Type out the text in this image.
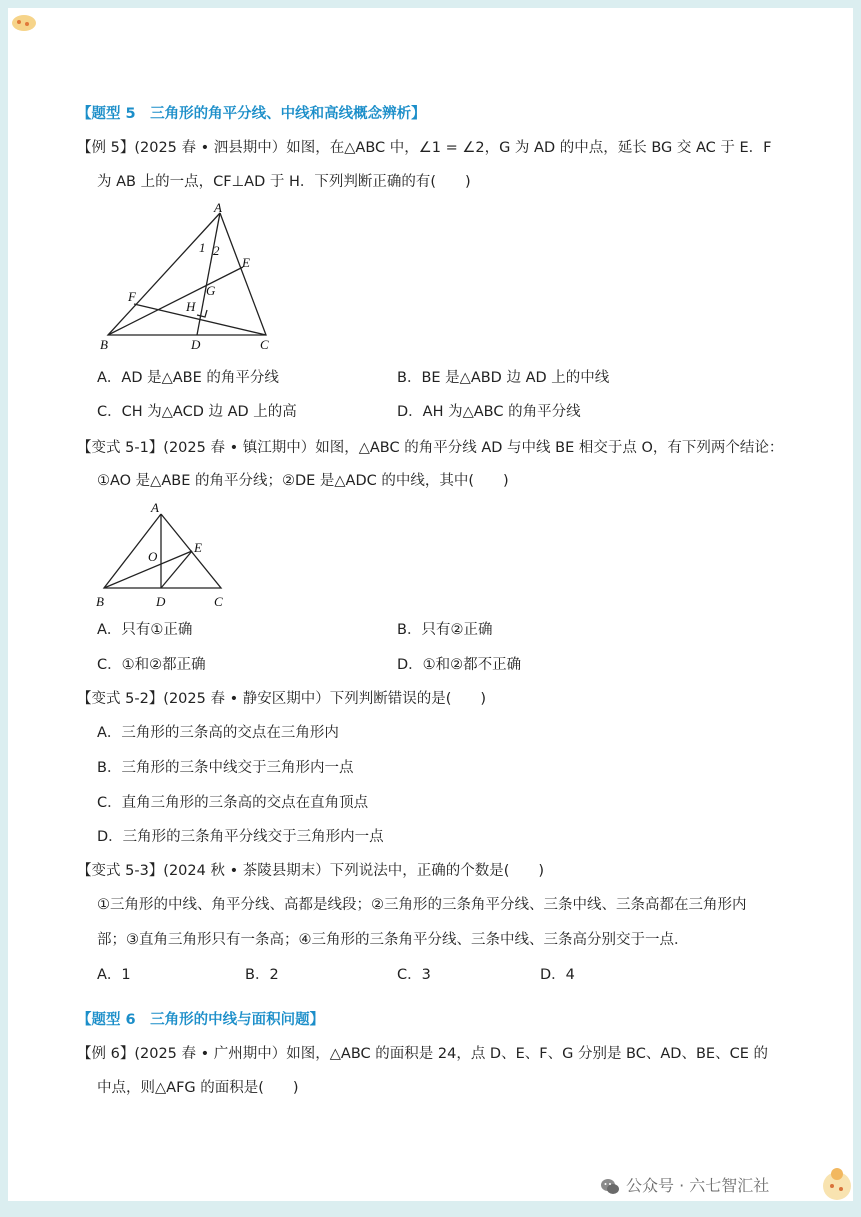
【题型 5　三角形的角平分线、中线和高线概念辨析】
【例 5】(2025 春 • 泗县期中）如图，在△ABC 中，∠1 = ∠2，G 为 AD 的中点，延长 BG 交 AC 于 E．F
为 AB 上的一点，CF⊥AD 于 H．下列判断正确的有(　　)
A
B	C
D
E
F	G
H
1 2
A．AD 是△ABE 的角平分线	B．BE 是△ABD 边 AD 上的中线
C．CH 为△ACD 边 AD 上的高	D．AH 为△ABC 的角平分线
【变式 5-1】(2025 春 • 镇江期中）如图，△ABC 的角平分线 AD 与中线 BE 相交于点 O，有下列两个结论：
①AO 是△ABE 的角平分线；②DE 是△ADC 的中线，其中(　　)
A
B	C
D
E
O
A．只有①正确	B．只有②正确
C．①和②都正确	D．①和②都不正确
【变式 5-2】(2025 春 • 静安区期中）下列判断错误的是(　　)
A．三角形的三条高的交点在三角形内
B．三角形的三条中线交于三角形内一点
C．直角三角形的三条高的交点在直角顶点
D．三角形的三条角平分线交于三角形内一点
【变式 5-3】(2024 秋 • 茶陵县期末）下列说法中，正确的个数是(　　)
①三角形的中线、角平分线、高都是线段；②三角形的三条角平分线、三条中线、三条高都在三角形内
部；③直角三角形只有一条高；④三角形的三条角平分线、三条中线、三条高分别交于一点．
A．1	B．2	C．3	D．4
【题型 6　三角形的中线与面积问题】
【例 6】(2025 春 • 广州期中）如图，△ABC 的面积是 24，点 D、E、F、G 分别是 BC、AD、BE、CE 的
中点，则△AFG 的面积是(　　)
公众号 · 六七智汇社
